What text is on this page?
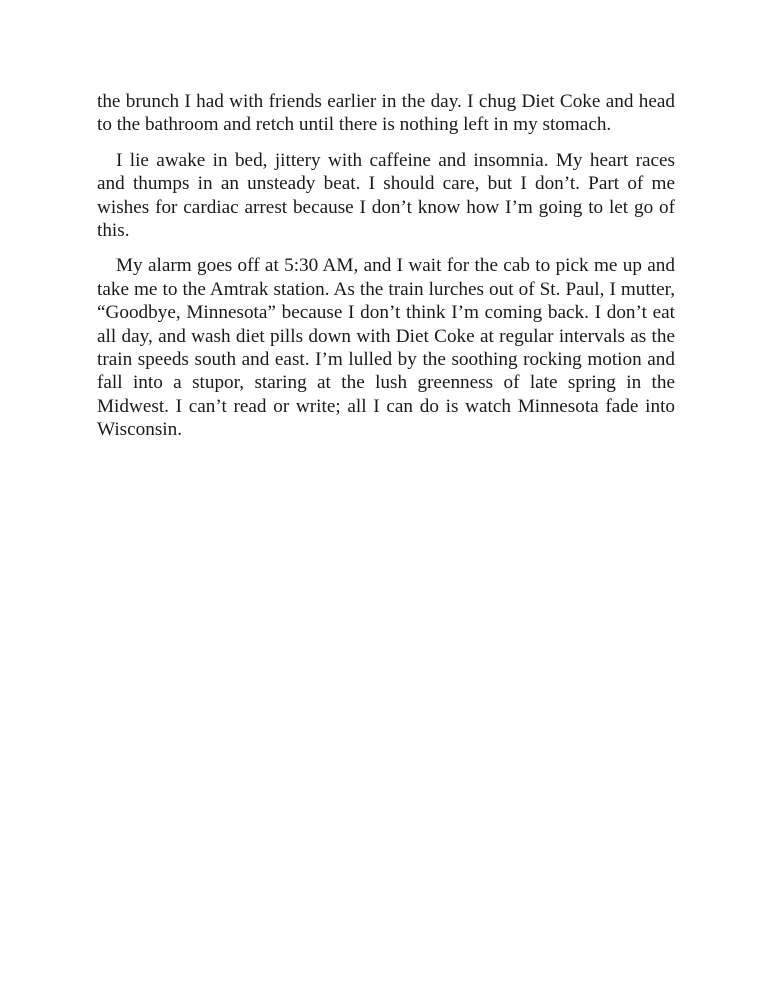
the brunch I had with friends earlier in the day. I chug Diet Coke and head to the bathroom and retch until there is nothing left in my stomach.

I lie awake in bed, jittery with caffeine and insomnia. My heart races and thumps in an unsteady beat. I should care, but I don’t. Part of me wishes for cardiac arrest because I don’t know how I’m going to let go of this.

My alarm goes off at 5:30 AM, and I wait for the cab to pick me up and take me to the Amtrak station. As the train lurches out of St. Paul, I mutter, “Goodbye, Minnesota” because I don’t think I’m coming back. I don’t eat all day, and wash diet pills down with Diet Coke at regular intervals as the train speeds south and east. I’m lulled by the soothing rocking motion and fall into a stupor, staring at the lush greenness of late spring in the Midwest. I can’t read or write; all I can do is watch Minnesota fade into Wisconsin.
